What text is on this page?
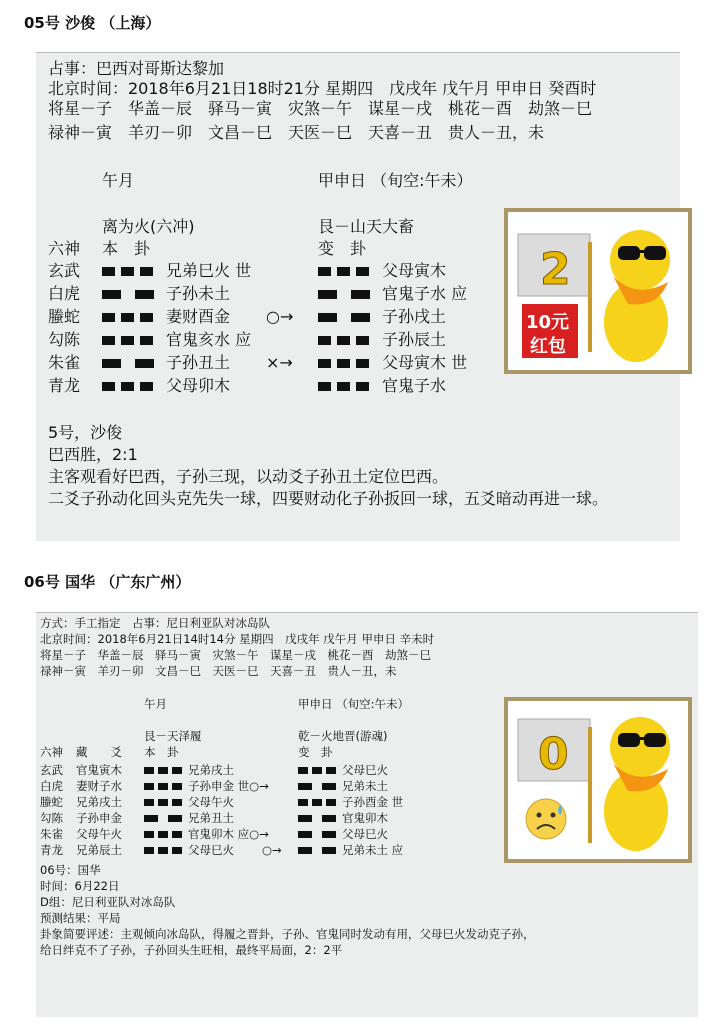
05号 沙俊 （上海）
占事：巴西对哥斯达黎加
北京时间：2018年6月21日18时21分 星期四　戊戌年 戊午月 甲申日 癸酉时
将星－子　华盖－辰　驿马－寅　灾煞－午　谋星－戌　桃花－酉　劫煞－巳
禄神－寅　羊刃－卯　文昌－巳　天医－巳　天喜－丑　贵人－丑，未
午月	甲申日 （旬空:午未）
离为火(六冲)	艮－山天大畜
六神 本　卦	变　卦
玄武	兄弟巳火 世	父母寅木
白虎	子孙未土	官鬼子水 应
螣蛇	妻财酉金 ○→	子孙戌土
勾陈	官鬼亥水 应	子孙辰土
朱雀	子孙丑土 ×→	父母寅木 世
青龙	父母卯木	官鬼子水
5号，沙俊
巴西胜，2:1
主客观看好巴西，子孙三现，以动爻子孙丑土定位巴西。
二爻子孙动化回头克先失一球，四要财动化子孙扳回一球，五爻暗动再进一球。
2
10元
红包
06号 国华 （广东广州）
方式：手工指定　占事：尼日利亚队对冰岛队
北京时间：2018年6月21日14时14分 星期四　戊戌年 戊午月 甲申日 辛未时
将星－子　华盖－辰　驿马－寅　灾煞－午　谋星－戌　桃花－酉　劫煞－巳
禄神－寅　羊刃－卯　文昌－巳　天医－巳　天喜－丑　贵人－丑，未
午月	甲申日 （旬空:午未）
艮－天泽履	乾－火地晋(游魂)
六神 藏　　爻 本　卦	变　卦
玄武 官鬼寅木	兄弟戌土	父母巳火
白虎 妻财子水	子孙申金 世○→	兄弟未土
螣蛇 兄弟戌土	父母午火	子孙酉金 世
勾陈 子孙申金	兄弟丑土	官鬼卯木
朱雀 父母午火	官鬼卯木 应○→	父母巳火
青龙 兄弟辰土	父母巳火 ○→	兄弟未土 应
06号：国华
时间：6月22日
D组：尼日利亚队对冰岛队
预测结果：平局
卦象简要评述：主观倾向冰岛队，得履之晋卦，子孙、官鬼同时发动有用，父母巳火发动克子孙，
给日绊克不了子孙，子孙回头生旺相，最终平局面，2：2平
0
